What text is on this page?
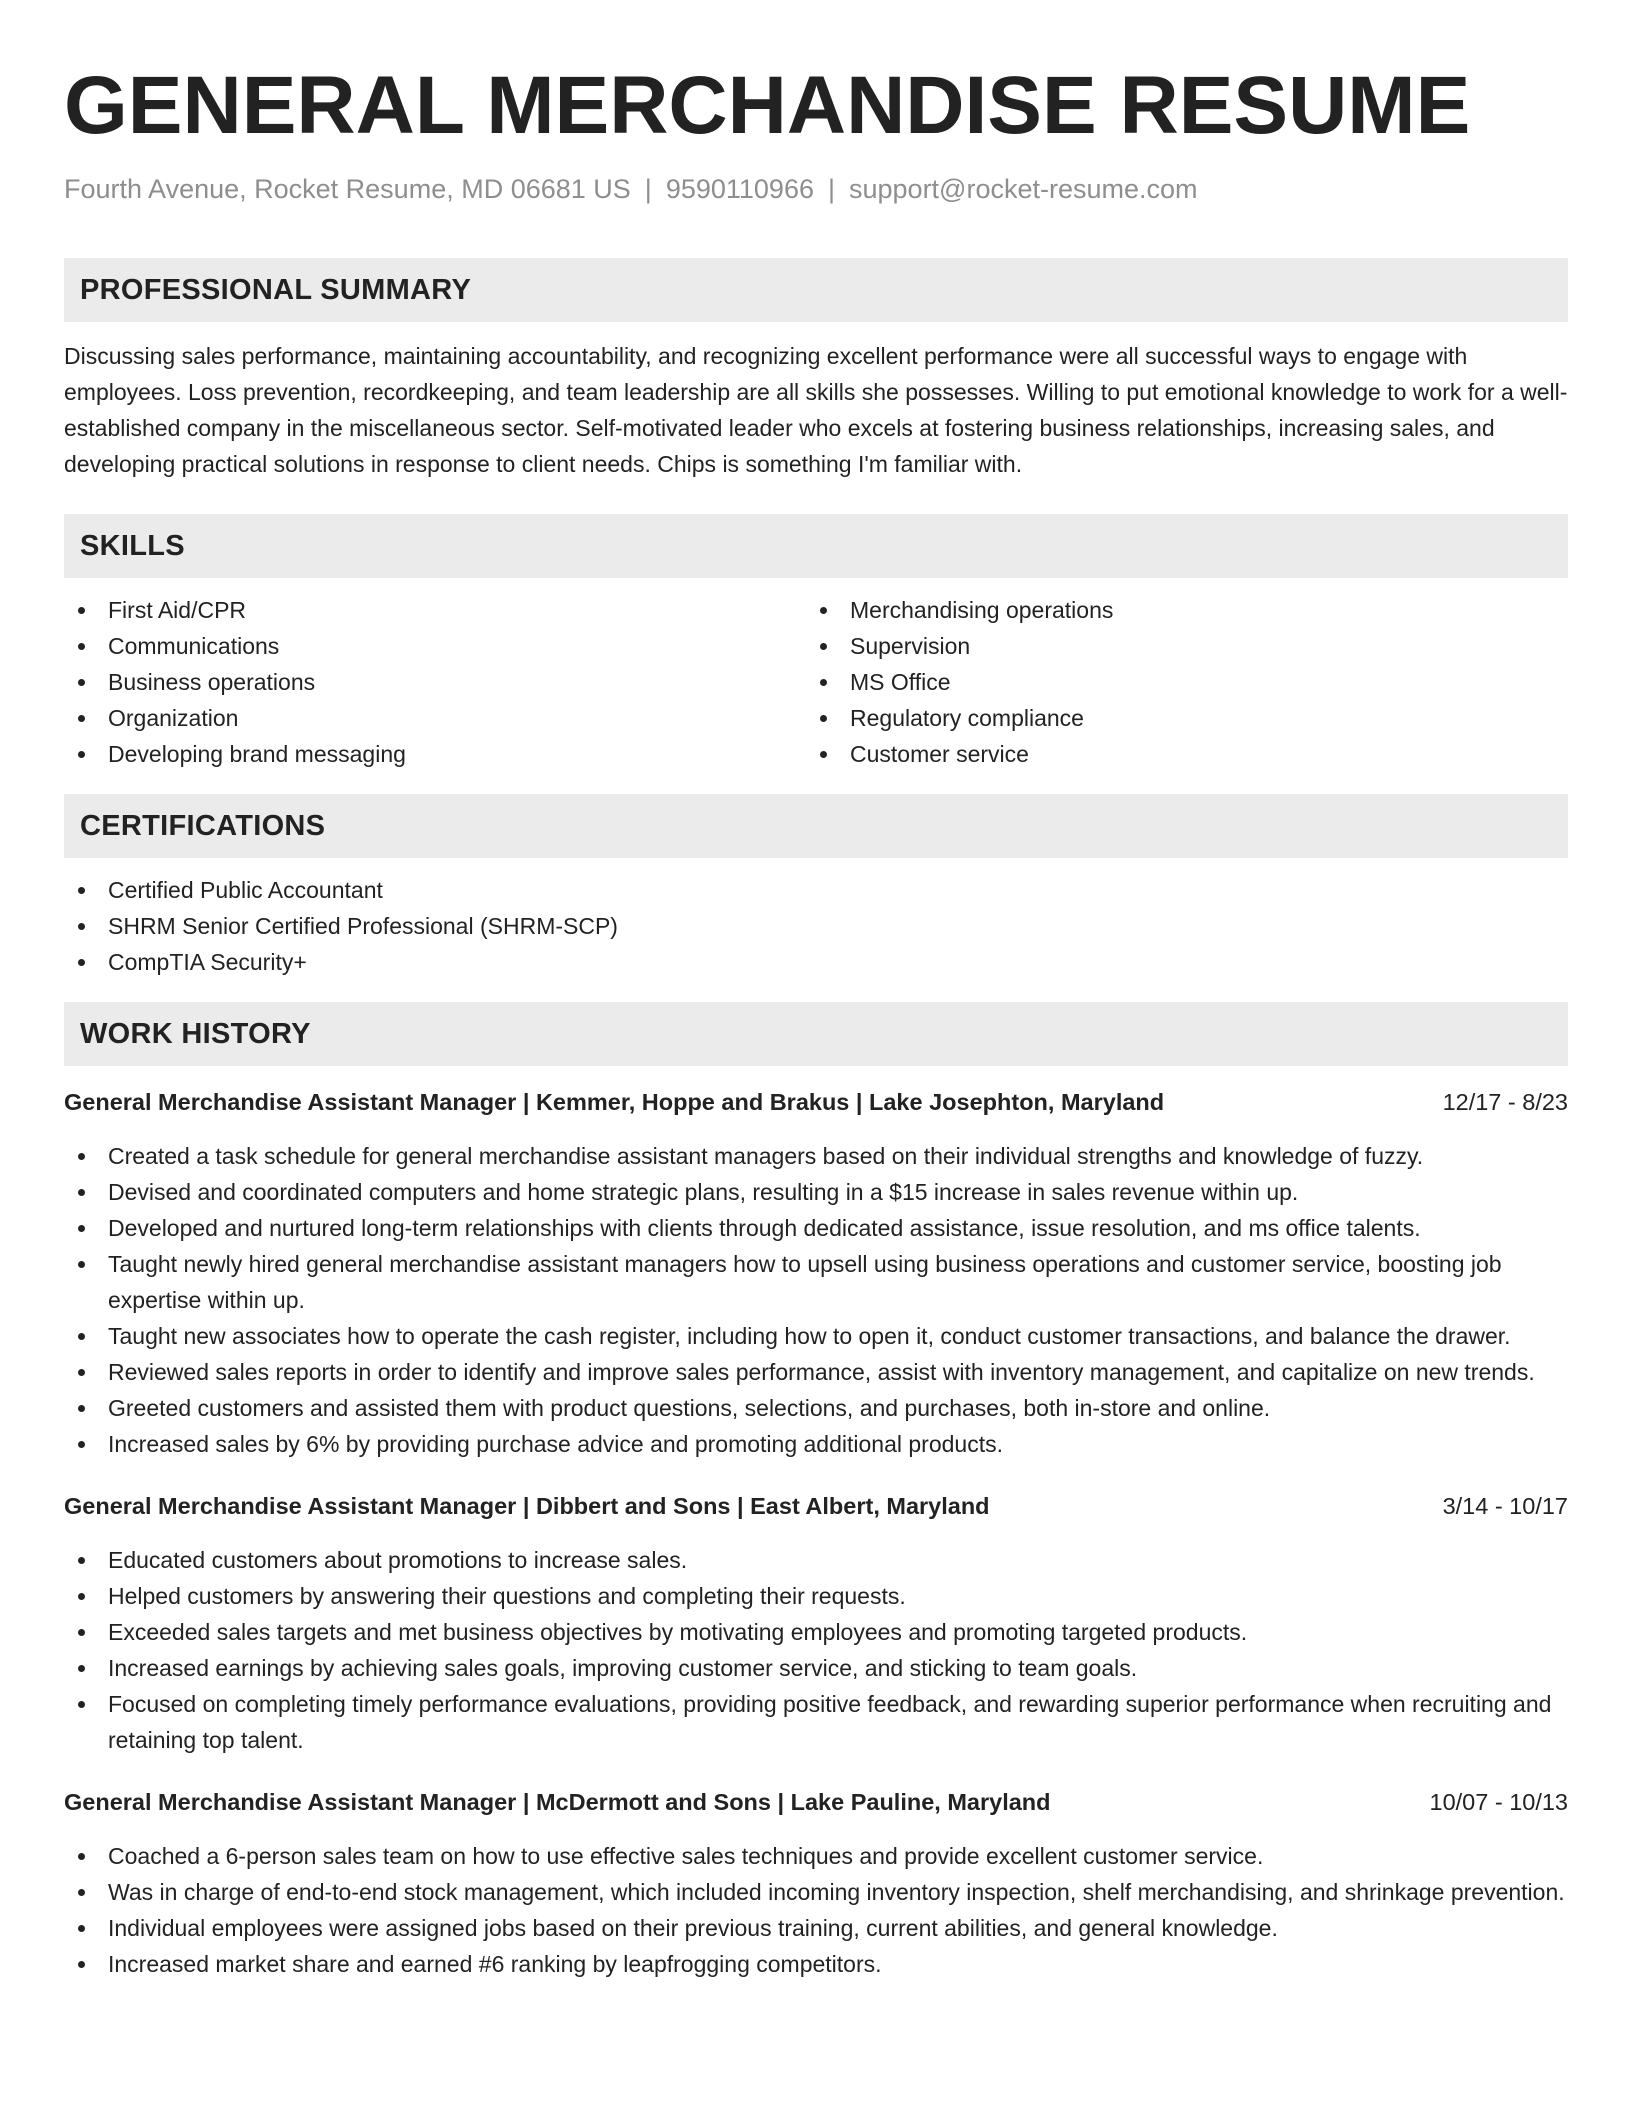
GENERAL MERCHANDISE RESUME
Fourth Avenue, Rocket Resume, MD 06681 US | 9590110966 | support@rocket-resume.com
PROFESSIONAL SUMMARY

Discussing sales performance, maintaining accountability, and recognizing excellent performance were all successful ways to engage with employees. Loss prevention, recordkeeping, and team leadership are all skills she possesses. Willing to put emotional knowledge to work for a well-established company in the miscellaneous sector. Self-motivated leader who excels at fostering business relationships, increasing sales, and developing practical solutions in response to client needs. Chips is something I'm familiar with.

SKILLS
First Aid/CPR
Communications
Business operations
Organization
Developing brand messaging
Merchandising operations
Supervision
MS Office
Regulatory compliance
Customer service
CERTIFICATIONS
Certified Public Accountant
SHRM Senior Certified Professional (SHRM-SCP)
CompTIA Security+
WORK HISTORY
General Merchandise Assistant Manager | Kemmer, Hoppe and Brakus | Lake Josephton, Maryland	12/17 - 8/23
Created a task schedule for general merchandise assistant managers based on their individual strengths and knowledge of fuzzy.
Devised and coordinated computers and home strategic plans, resulting in a $15 increase in sales revenue within up.
Developed and nurtured long-term relationships with clients through dedicated assistance, issue resolution, and ms office talents.
Taught newly hired general merchandise assistant managers how to upsell using business operations and customer service, boosting job expertise within up.
Taught new associates how to operate the cash register, including how to open it, conduct customer transactions, and balance the drawer.
Reviewed sales reports in order to identify and improve sales performance, assist with inventory management, and capitalize on new trends.
Greeted customers and assisted them with product questions, selections, and purchases, both in-store and online.
Increased sales by 6% by providing purchase advice and promoting additional products.
General Merchandise Assistant Manager | Dibbert and Sons | East Albert, Maryland	3/14 - 10/17
Educated customers about promotions to increase sales.
Helped customers by answering their questions and completing their requests.
Exceeded sales targets and met business objectives by motivating employees and promoting targeted products.
Increased earnings by achieving sales goals, improving customer service, and sticking to team goals.
Focused on completing timely performance evaluations, providing positive feedback, and rewarding superior performance when recruiting and retaining top talent.
General Merchandise Assistant Manager | McDermott and Sons | Lake Pauline, Maryland	10/07 - 10/13
Coached a 6-person sales team on how to use effective sales techniques and provide excellent customer service.
Was in charge of end-to-end stock management, which included incoming inventory inspection, shelf merchandising, and shrinkage prevention.
Individual employees were assigned jobs based on their previous training, current abilities, and general knowledge.
Increased market share and earned #6 ranking by leapfrogging competitors.
